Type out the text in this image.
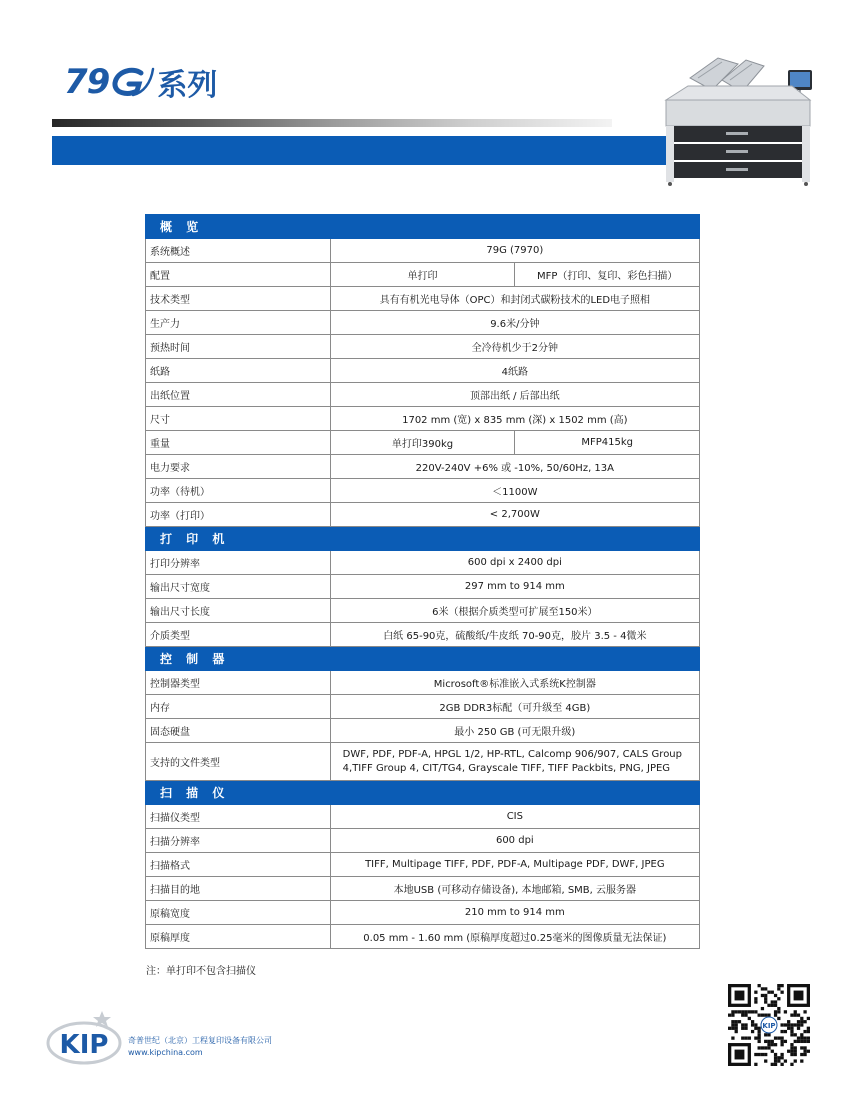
79 系列
概 览		
系统概述	79G (7970)	
配置	单打印	MFP（打印、复印、彩色扫描）
技术类型	具有有机光电导体（OPC）和封闭式碳粉技术的LED电子照相	
生产力	9.6米/分钟	
预热时间	全冷待机少于2分钟	
纸路	4纸路	
出纸位置	顶部出纸 / 后部出纸	
尺寸	1702 mm (宽) x 835 mm (深) x 1502 mm (高)	
重量	单打印390kg	MFP415kg
电力要求	220V-240V +6% 或 -10%, 50/60Hz, 13A	
功率（待机）	＜1100W	
功率（打印）	< 2,700W	
打 印 机		
打印分辨率	600 dpi x 2400 dpi	
输出尺寸宽度	297 mm to 914 mm	
输出尺寸长度	6米（根据介质类型可扩展至150米）	
介质类型	白纸 65-90克，硫酸纸/牛皮纸 70-90克，胶片 3.5 - 4微米	
控 制 器		
控制器类型	Microsoft®标准嵌入式系统K控制器	
内存	2GB DDR3标配（可升级至 4GB)	
固态硬盘	最小 250 GB (可无限升级)	
支持的文件类型	DWF, PDF, PDF-A, HPGL 1/2, HP-RTL, Calcomp 906/907, CALS Group 4,TIFF Group 4, CIT/TG4, Grayscale TIFF, TIFF Packbits, PNG, JPEG	
扫 描 仪		
扫描仪类型	CIS	
扫描分辨率	600 dpi	
扫描格式	TIFF, Multipage TIFF, PDF, PDF-A, Multipage PDF, DWF, JPEG	
扫描目的地	本地USB (可移动存储设备), 本地邮箱, SMB, 云服务器	
原稿宽度	210 mm to 914 mm	
原稿厚度	0.05 mm - 1.60 mm (原稿厚度超过0.25毫米的图像质量无法保证)	
注：单打印不包含扫描仪
KIP 奇普世纪（北京）工程复印设备有限公司
www.kipchina.com
KIP
